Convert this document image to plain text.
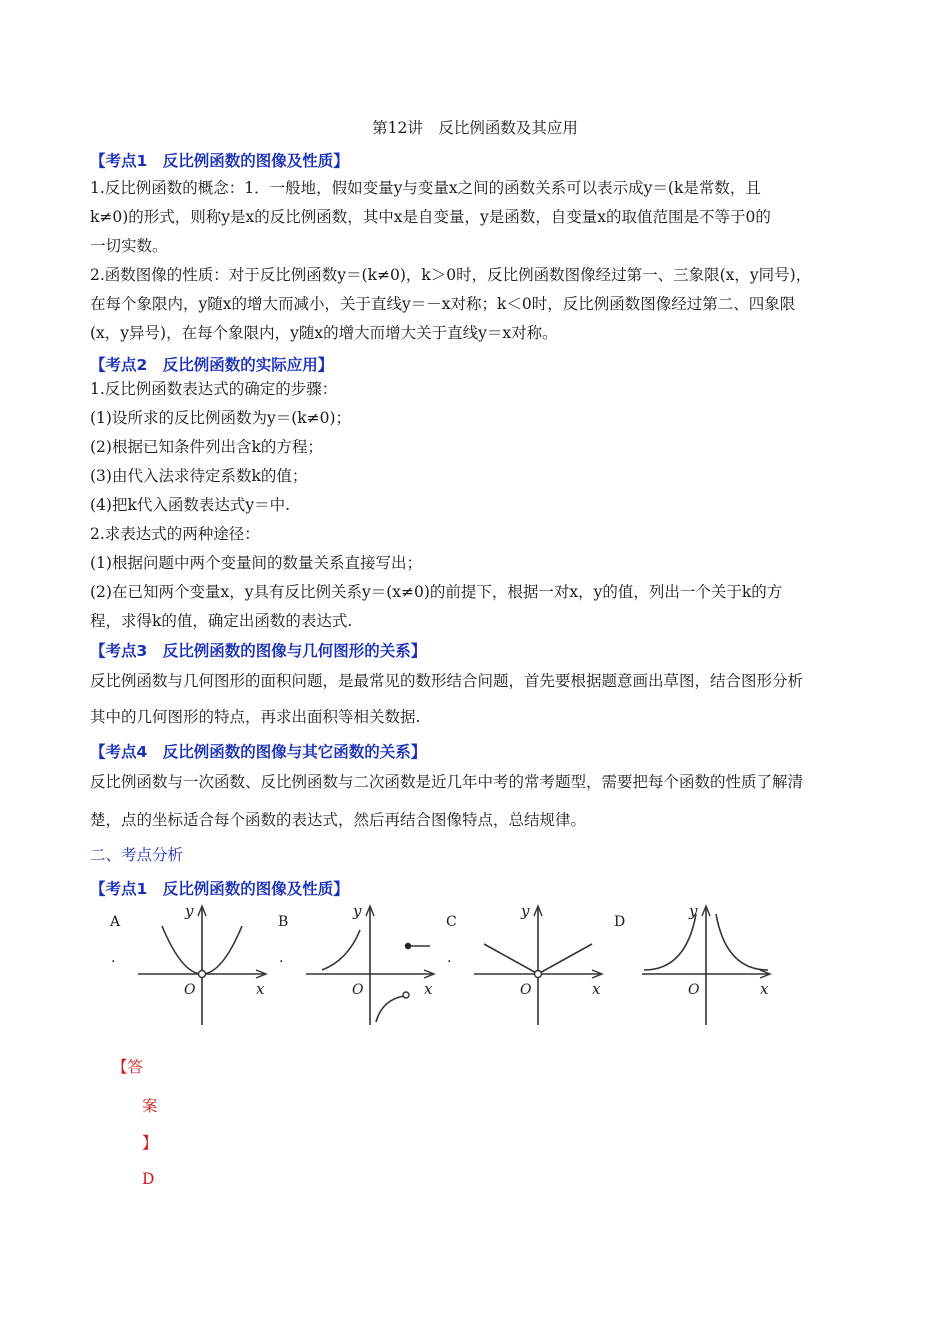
第12讲　反比例函数及其应用
【考点1　反比例函数的图像及性质】
1.反比例函数的概念：1．一般地，假如变量y与变量x之间的函数关系可以表示成y＝(k是常数，且
k≠0)的形式，则称y是x的反比例函数，其中x是自变量，y是函数，自变量x的取值范围是不等于0的
一切实数。
2.函数图像的性质：对于反比例函数y＝(k≠0)，k＞0时，反比例函数图像经过第一、三象限(x，y同号)，
在每个象限内，y随x的增大而减小，关于直线y＝－x对称；k＜0时，反比例函数图像经过第二、四象限
(x，y异号)，在每个象限内，y随x的增大而增大关于直线y＝x对称。
【考点2　反比例函数的实际应用】
1.反比例函数表达式的确定的步骤：
(1)设所求的反比例函数为y＝(k≠0)；
(2)根据已知条件列出含k的方程；
(3)由代入法求待定系数k的值；
(4)把k代入函数表达式y＝中.
2.求表达式的两种途径：
(1)根据问题中两个变量间的数量关系直接写出；
(2)在已知两个变量x，y具有反比例关系y＝(x≠0)的前提下，根据一对x，y的值，列出一个关于k的方
程，求得k的值，确定出函数的表达式.
【考点3　反比例函数的图像与几何图形的关系】
反比例函数与几何图形的面积问题，是最常见的数形结合问题，首先要根据题意画出草图，结合图形分析
其中的几何图形的特点，再求出面积等相关数据.
【考点4　反比例函数的图像与其它函数的关系】
反比例函数与一次函数、反比例函数与二次函数是近几年中考的常考题型，需要把每个函数的性质了解清
楚，点的坐标适合每个函数的表达式，然后再结合图像特点，总结规律。
二、考点分析
【考点1　反比例函数的图像及性质】
A
.
B
.
C
.
D
y
x
O
y
x
O
y
x
O
y
x
O
【答
案
】
D
